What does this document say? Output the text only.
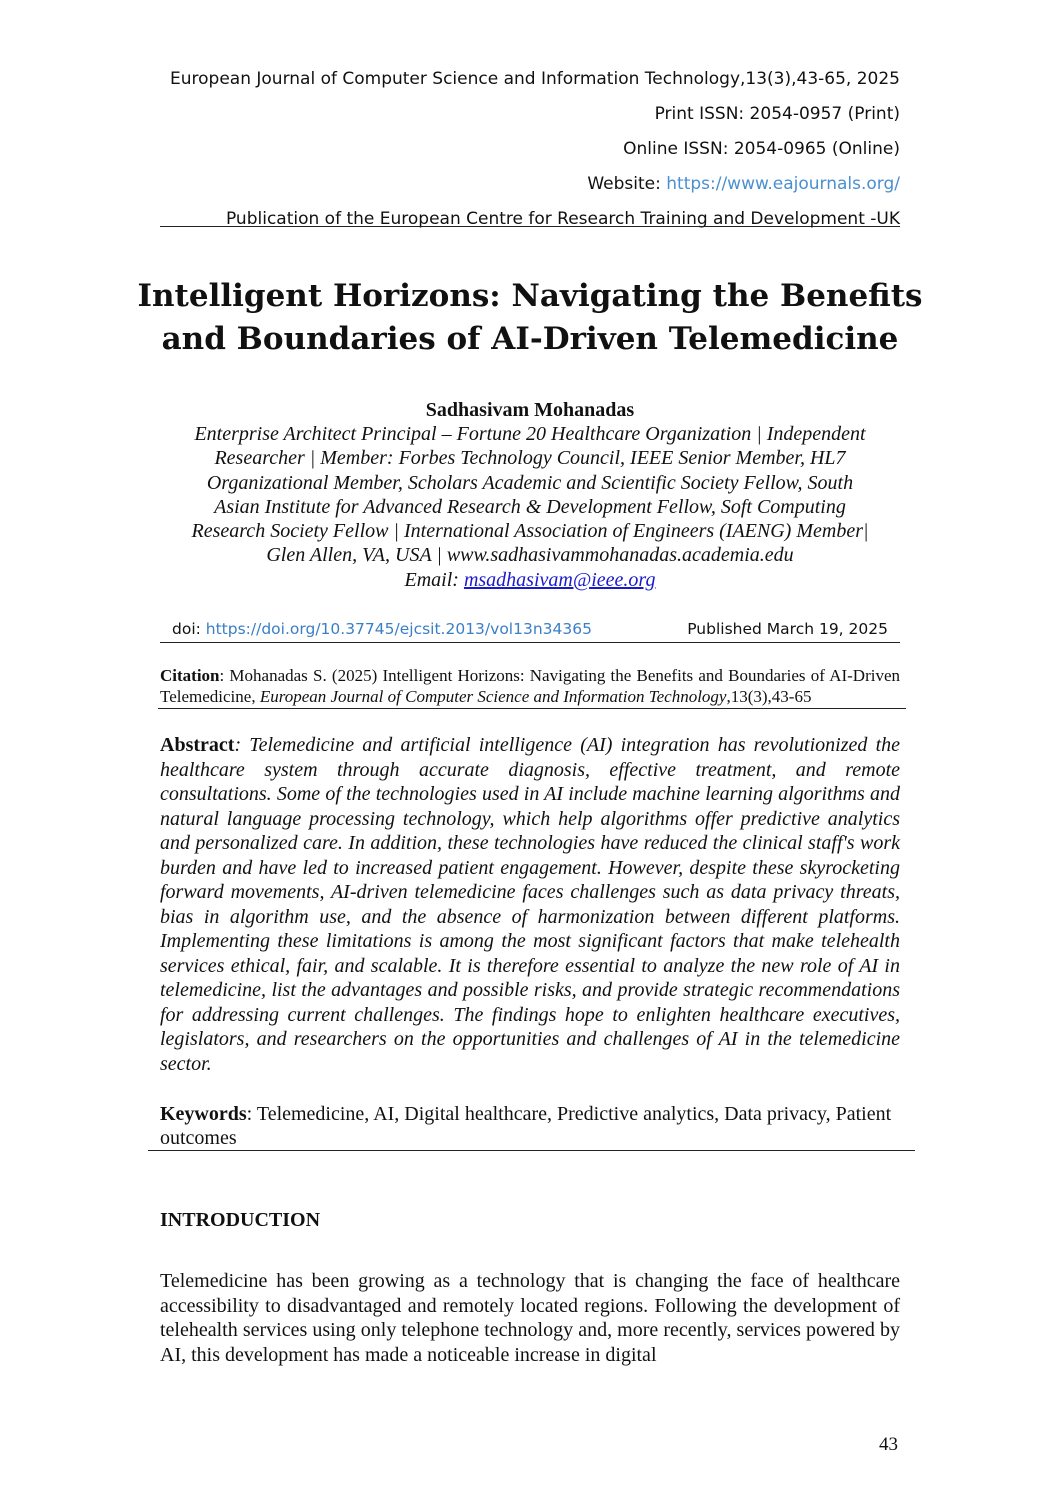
European Journal of Computer Science and Information Technology,13(3),43-65, 2025
Print ISSN: 2054-0957 (Print)
Online ISSN: 2054-0965 (Online)
Website: https://www.eajournals.org/
Publication of the European Centre for Research Training and Development -UK
Intelligent Horizons: Navigating the Benefits
and Boundaries of AI-Driven Telemedicine
Sadhasivam Mohanadas

Enterprise Architect Principal – Fortune 20 Healthcare Organization | Independent

Researcher | Member: Forbes Technology Council, IEEE Senior Member, HL7

Organizational Member, Scholars Academic and Scientific Society Fellow, South

Asian Institute for Advanced Research & Development Fellow, Soft Computing

Research Society Fellow | International Association of Engineers (IAENG) Member|

Glen Allen, VA, USA | www.sadhasivammohanadas.academia.edu

Email: msadhasivam@ieee.org

doi: https://doi.org/10.37745/ejcsit.2013/vol13n34365	Published March 19, 2025
Citation: Mohanadas S. (2025) Intelligent Horizons: Navigating the Benefits and Boundaries of AI-Driven Telemedicine, European Journal of Computer Science and Information Technology,13(3),43-65
Abstract: Telemedicine and artificial intelligence (AI) integration has revolutionized the healthcare system through accurate diagnosis, effective treatment, and remote consultations. Some of the technologies used in AI include machine learning algorithms and natural language processing technology, which help algorithms offer predictive analytics and personalized care. In addition, these technologies have reduced the clinical staff's work burden and have led to increased patient engagement. However, despite these skyrocketing forward movements, AI-driven telemedicine faces challenges such as data privacy threats, bias in algorithm use, and the absence of harmonization between different platforms. Implementing these limitations is among the most significant factors that make telehealth services ethical, fair, and scalable. It is therefore essential to analyze the new role of AI in telemedicine, list the advantages and possible risks, and provide strategic recommendations for addressing current challenges. The findings hope to enlighten healthcare executives, legislators, and researchers on the opportunities and challenges of AI in the telemedicine sector.
Keywords: Telemedicine, AI, Digital healthcare, Predictive analytics, Data privacy, Patient outcomes
INTRODUCTION
Telemedicine has been growing as a technology that is changing the face of healthcare accessibility to disadvantaged and remotely located regions. Following the development of telehealth services using only telephone technology and, more recently, services powered by AI, this development has made a noticeable increase in digital
43
